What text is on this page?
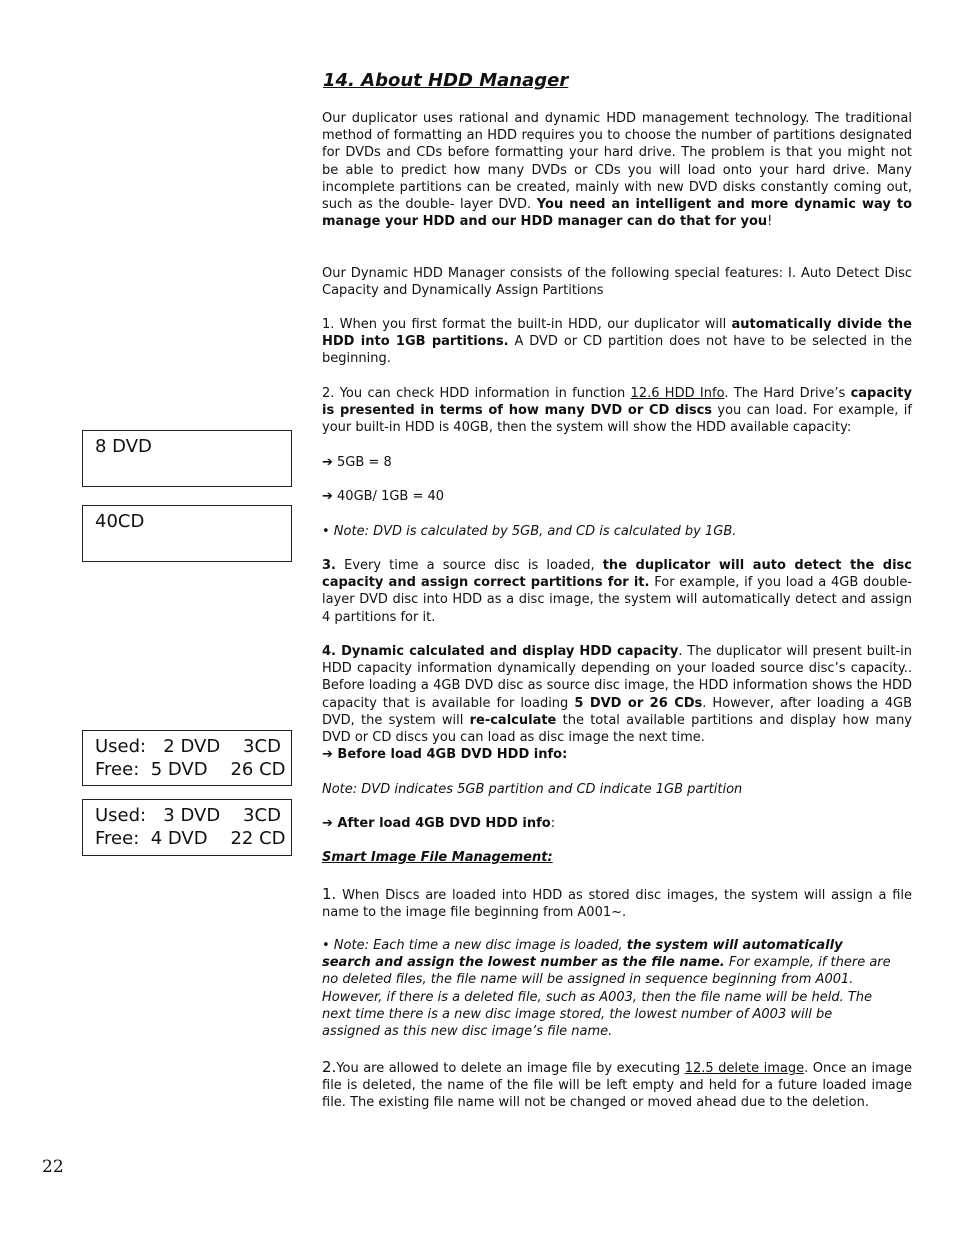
14. About HDD Manager

Our duplicator uses rational and dynamic HDD management technology. The traditional method of formatting an HDD requires you to choose the number of partitions designated for DVDs and CDs before formatting your hard drive. The problem is that you might not be able to predict how many DVDs or CDs you will load onto your hard drive. Many incomplete partitions can be created, mainly with new DVD disks constantly coming out, such as the double- layer DVD. You need an intelligent and more dynamic way to manage your HDD and our HDD manager can do that for you!

Our Dynamic HDD Manager consists of the following special features: I. Auto Detect Disc Capacity and Dynamically Assign Partitions

1. When you first format the built-in HDD, our duplicator will automatically divide the HDD into 1GB partitions. A DVD or CD partition does not have to be selected in the beginning.

2. You can check HDD information in function 12.6 HDD Info. The Hard Drive’s capacity is presented in terms of how many DVD or CD discs you can load. For example, if your built-in HDD is 40GB, then the system will show the HDD available capacity:

➔ 5GB = 8

➔ 40GB/ 1GB = 40

• Note: DVD is calculated by 5GB, and CD is calculated by 1GB.

3. Every time a source disc is loaded, the duplicator will auto detect the disc capacity and assign correct partitions for it. For example, if you load a 4GB double-layer DVD disc into HDD as a disc image, the system will automatically detect and assign 4 partitions for it.

4. Dynamic calculated and display HDD capacity. The duplicator will present built-in HDD capacity information dynamically depending on your loaded source disc’s capacity.. Before loading a 4GB DVD disc as source disc image, the HDD information shows the HDD capacity that is available for loading 5 DVD or 26 CDs. However, after loading a 4GB DVD, the system will re-calculate the total available partitions and display how many DVD or CD discs you can load as disc image the next time.

➔ Before load 4GB DVD HDD info:

Note: DVD indicates 5GB partition and CD indicate 1GB partition

➔ After load 4GB DVD HDD info:

Smart Image File Management:

1. When Discs are loaded into HDD as stored disc images, the system will assign a file name to the image file beginning from A001~.

• Note: Each time a new disc image is loaded, the system will automatically search and assign the lowest number as the file name. For example, if there are no deleted files, the file name will be assigned in sequence beginning from A001. However, if there is a deleted file, such as A003, then the file name will be held. The next time there is a new disc image stored, the lowest number of A003 will be assigned as this new disc image’s file name.

2.You are allowed to delete an image file by executing 12.5 delete image. Once an image file is deleted, the name of the file will be left empty and held for a future loaded image file. The existing file name will not be changed or moved ahead due to the deletion.

8 DVD
40CD
Used:   2 DVD    3CD
Free:  5 DVD    26 CD
Used:   3 DVD    3CD
Free:  4 DVD    22 CD
22
